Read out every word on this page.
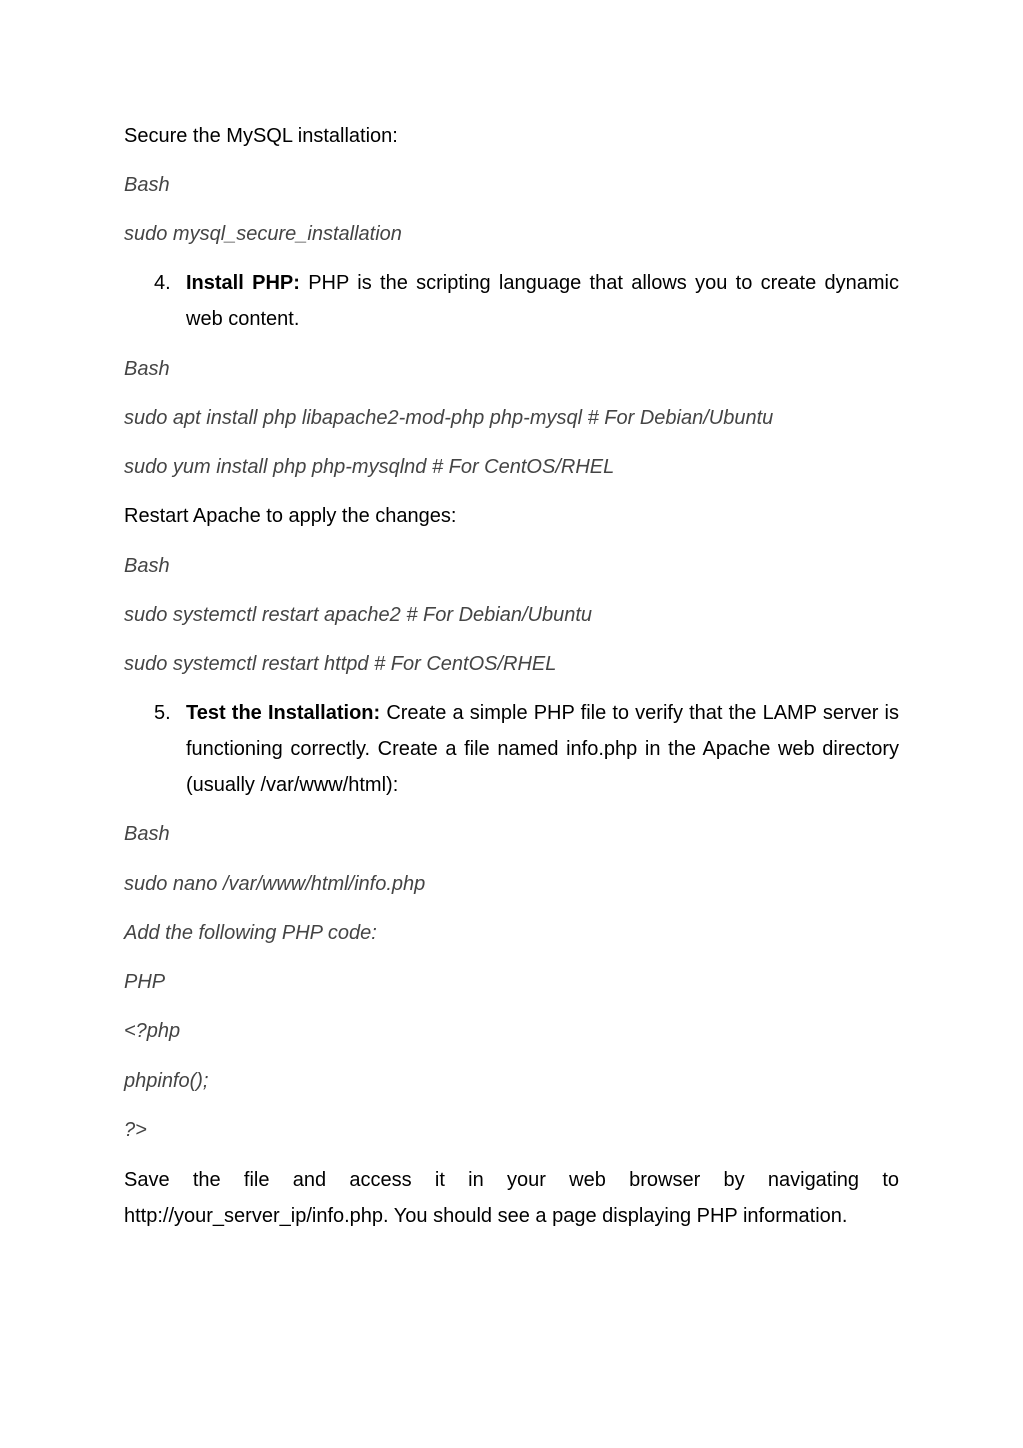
Secure the MySQL installation:
Bash
sudo mysql_secure_installation
4. Install PHP: PHP is the scripting language that allows you to create dynamic web content.
Bash
sudo apt install php libapache2-mod-php php-mysql # For Debian/Ubuntu
sudo yum install php php-mysqlnd # For CentOS/RHEL
Restart Apache to apply the changes:
Bash
sudo systemctl restart apache2 # For Debian/Ubuntu
sudo systemctl restart httpd # For CentOS/RHEL
5. Test the Installation: Create a simple PHP file to verify that the LAMP server is functioning correctly. Create a file named info.php in the Apache web directory (usually /var/www/html):
Bash
sudo nano /var/www/html/info.php
Add the following PHP code:
PHP
<?php
phpinfo();
?>
Save the file and access it in your web browser by navigating to
http://your_server_ip/info.php. You should see a page displaying PHP information.
